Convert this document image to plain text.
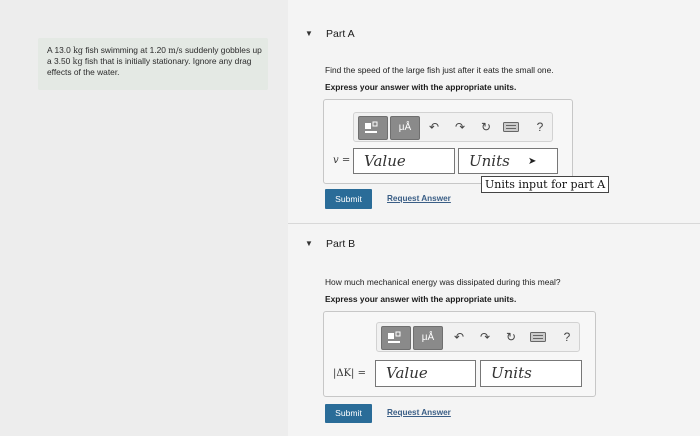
A 13.0 kg fish swimming at 1.20 m/s suddenly gobbles up a 3.50 kg fish that is initially stationary. Ignore any drag effects of the water.
▼ Part A
Find the speed of the large fish just after it eats the small one.
Express your answer with the appropriate units.
μÅ	↶ ↷ ↻	?
v = Value	Units	➤
Units input for part A
Submit	Request Answer
▼ Part B
How much mechanical energy was dissipated during this meal?
Express your answer with the appropriate units.
μÅ	↶ ↷ ↻	?
|ΔK| =	Value	Units
Submit	Request Answer
